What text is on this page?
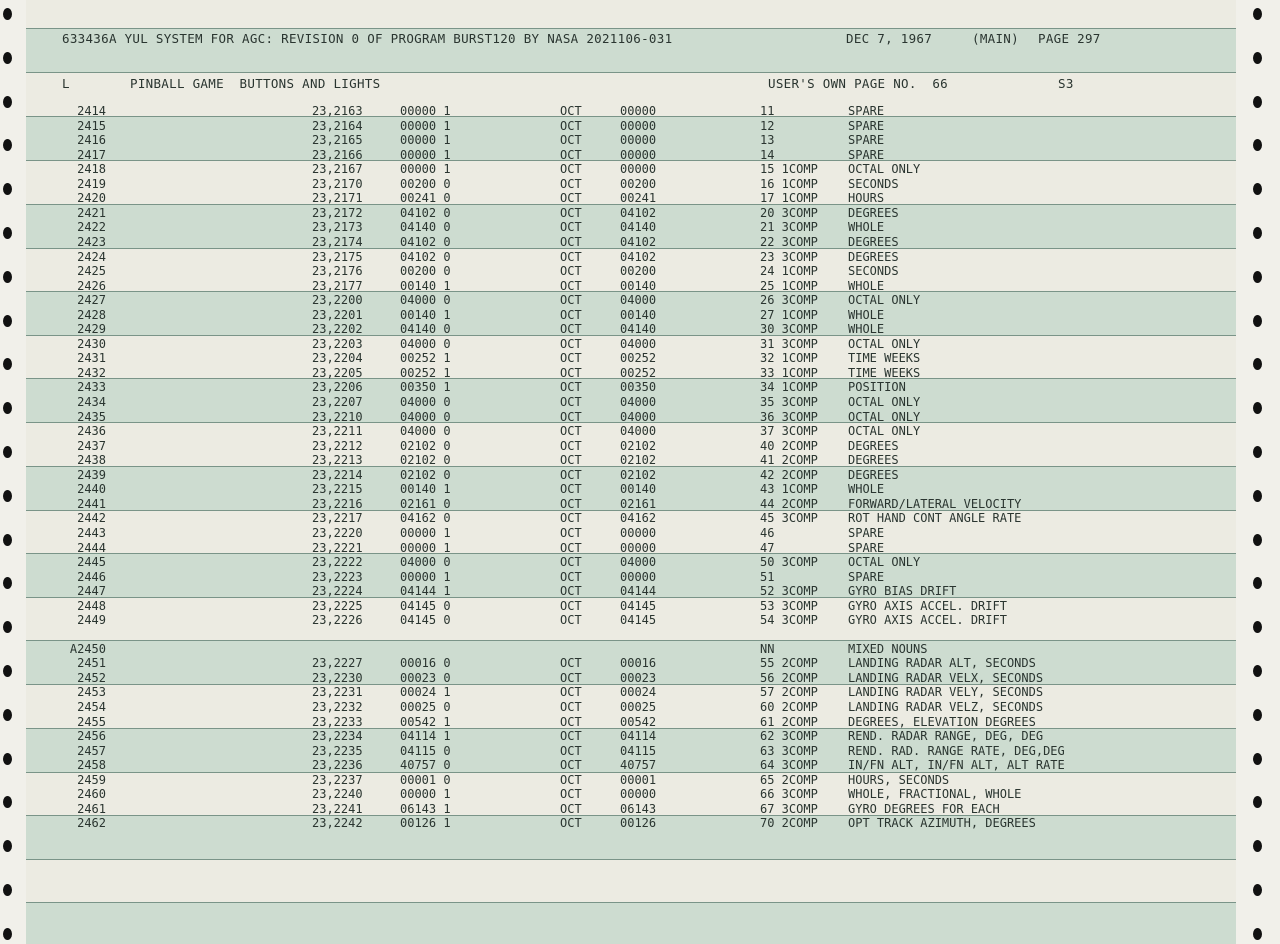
633436A YUL SYSTEM FOR AGC: REVISION 0 OF PROGRAM BURST120 BY NASA 2021106-031	DEC 7, 1967	(MAIN) PAGE 297
L	PINBALL GAME  BUTTONS AND LIGHTS	USER'S OWN PAGE NO.  66	S3
2414	23,2163	00000 1	OCT	00000	11	SPARE
2415	23,2164	00000 1	OCT	00000	12	SPARE
2416	23,2165	00000 1	OCT	00000	13	SPARE
2417	23,2166	00000 1	OCT	00000	14	SPARE
2418	23,2167	00000 1	OCT	00000	15 1COMP	OCTAL ONLY
2419	23,2170	00200 0	OCT	00200	16 1COMP	SECONDS
2420	23,2171	00241 0	OCT	00241	17 1COMP	HOURS
2421	23,2172	04102 0	OCT	04102	20 3COMP	DEGREES
2422	23,2173	04140 0	OCT	04140	21 3COMP	WHOLE
2423	23,2174	04102 0	OCT	04102	22 3COMP	DEGREES
2424	23,2175	04102 0	OCT	04102	23 3COMP	DEGREES
2425	23,2176	00200 0	OCT	00200	24 1COMP	SECONDS
2426	23,2177	00140 1	OCT	00140	25 1COMP	WHOLE
2427	23,2200	04000 0	OCT	04000	26 3COMP	OCTAL ONLY
2428	23,2201	00140 1	OCT	00140	27 1COMP	WHOLE
2429	23,2202	04140 0	OCT	04140	30 3COMP	WHOLE
2430	23,2203	04000 0	OCT	04000	31 3COMP	OCTAL ONLY
2431	23,2204	00252 1	OCT	00252	32 1COMP	TIME WEEKS
2432	23,2205	00252 1	OCT	00252	33 1COMP	TIME WEEKS
2433	23,2206	00350 1	OCT	00350	34 1COMP	POSITION
2434	23,2207	04000 0	OCT	04000	35 3COMP	OCTAL ONLY
2435	23,2210	04000 0	OCT	04000	36 3COMP	OCTAL ONLY
2436	23,2211	04000 0	OCT	04000	37 3COMP	OCTAL ONLY
2437	23,2212	02102 0	OCT	02102	40 2COMP	DEGREES
2438	23,2213	02102 0	OCT	02102	41 2COMP	DEGREES
2439	23,2214	02102 0	OCT	02102	42 2COMP	DEGREES
2440	23,2215	00140 1	OCT	00140	43 1COMP	WHOLE
2441	23,2216	02161 0	OCT	02161	44 2COMP	FORWARD/LATERAL VELOCITY
2442	23,2217	04162 0	OCT	04162	45 3COMP	ROT HAND CONT ANGLE RATE
2443	23,2220	00000 1	OCT	00000	46	SPARE
2444	23,2221	00000 1	OCT	00000	47	SPARE
2445	23,2222	04000 0	OCT	04000	50 3COMP	OCTAL ONLY
2446	23,2223	00000 1	OCT	00000	51	SPARE
2447	23,2224	04144 1	OCT	04144	52 3COMP	GYRO BIAS DRIFT
2448	23,2225	04145 0	OCT	04145	53 3COMP	GYRO AXIS ACCEL. DRIFT
2449	23,2226	04145 0	OCT	04145	54 3COMP	GYRO AXIS ACCEL. DRIFT
A2450	NN	MIXED NOUNS
2451	23,2227	00016 0	OCT	00016	55 2COMP	LANDING RADAR ALT, SECONDS
2452	23,2230	00023 0	OCT	00023	56 2COMP	LANDING RADAR VELX, SECONDS
2453	23,2231	00024 1	OCT	00024	57 2COMP	LANDING RADAR VELY, SECONDS
2454	23,2232	00025 0	OCT	00025	60 2COMP	LANDING RADAR VELZ, SECONDS
2455	23,2233	00542 1	OCT	00542	61 2COMP	DEGREES, ELEVATION DEGREES
2456	23,2234	04114 1	OCT	04114	62 3COMP	REND. RADAR RANGE, DEG, DEG
2457	23,2235	04115 0	OCT	04115	63 3COMP	REND. RAD. RANGE RATE, DEG,DEG
2458	23,2236	40757 0	OCT	40757	64 3COMP	IN/FN ALT, IN/FN ALT, ALT RATE
2459	23,2237	00001 0	OCT	00001	65 2COMP	HOURS, SECONDS
2460	23,2240	00000 1	OCT	00000	66 3COMP	WHOLE, FRACTIONAL, WHOLE
2461	23,2241	06143 1	OCT	06143	67 3COMP	GYRO DEGREES FOR EACH
2462	23,2242	00126 1	OCT	00126	70 2COMP	OPT TRACK AZIMUTH, DEGREES
